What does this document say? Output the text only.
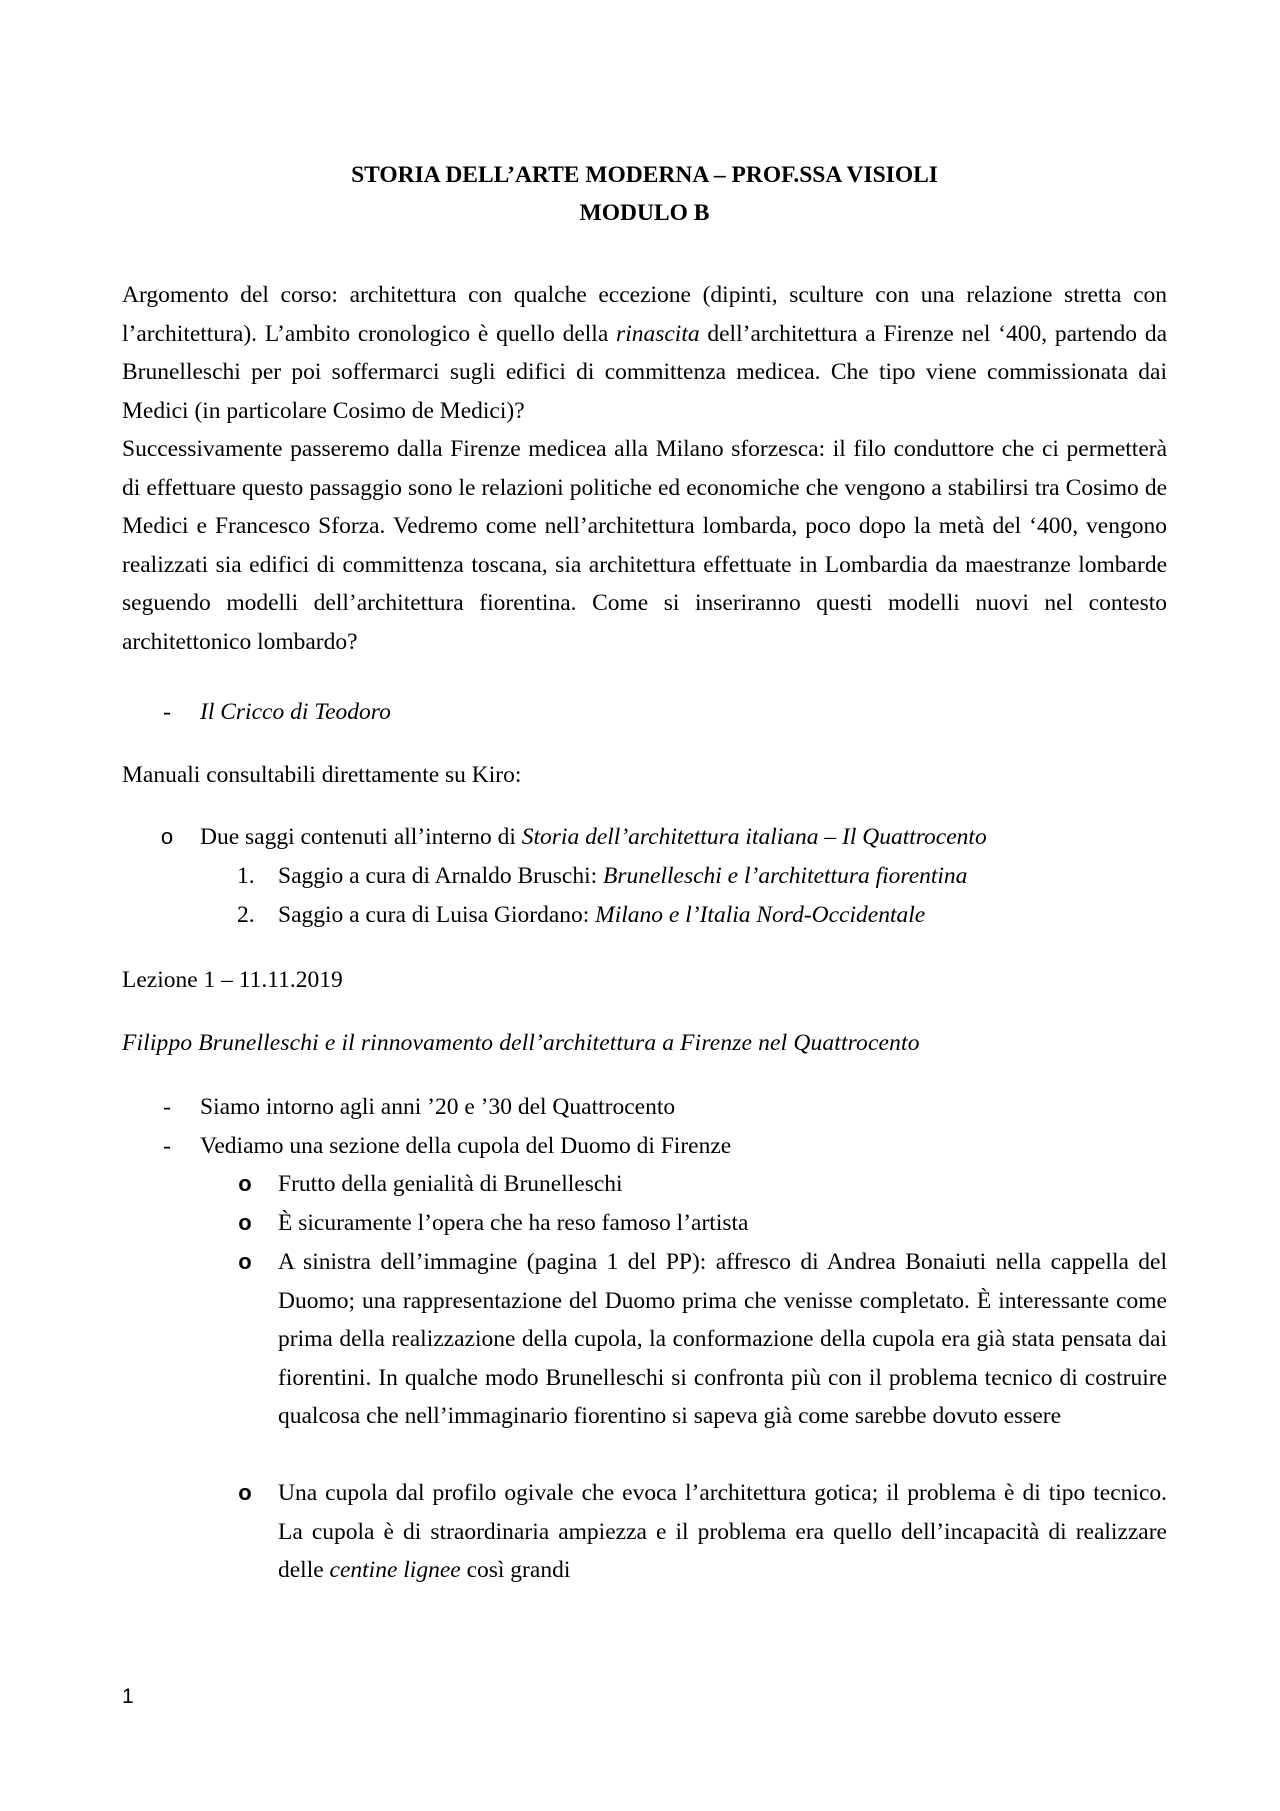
STORIA DELL’ARTE MODERNA – PROF.SSA VISIOLI
MODULO B
Argomento del corso: architettura con qualche eccezione (dipinti, sculture con una relazione stretta con l’architettura). L’ambito cronologico è quello della rinascita dell’architettura a Firenze nel ‘400, partendo da Brunelleschi per poi soffermarci sugli edifici di committenza medicea. Che tipo viene commissionata dai Medici (in particolare Cosimo de Medici)?
Successivamente passeremo dalla Firenze medicea alla Milano sforzesca: il filo conduttore che ci permetterà di effettuare questo passaggio sono le relazioni politiche ed economiche che vengono a stabilirsi tra Cosimo de Medici e Francesco Sforza. Vedremo come nell’architettura lombarda, poco dopo la metà del ‘400, vengono realizzati sia edifici di committenza toscana, sia architettura effettuate in Lombardia da maestranze lombarde seguendo modelli dell’architettura fiorentina. Come si inseriranno questi modelli nuovi nel contesto architettonico lombardo?
- Il Cricco di Teodoro
Manuali consultabili direttamente su Kiro:
o Due saggi contenuti all’interno di Storia dell’architettura italiana – Il Quattrocento
1. Saggio a cura di Arnaldo Bruschi: Brunelleschi e l’architettura fiorentina
2. Saggio a cura di Luisa Giordano: Milano e l’Italia Nord-Occidentale
Lezione 1 – 11.11.2019
Filippo Brunelleschi e il rinnovamento dell’architettura a Firenze nel Quattrocento
- Siamo intorno agli anni ’20 e ’30 del Quattrocento
- Vediamo una sezione della cupola del Duomo di Firenze
o Frutto della genialità di Brunelleschi
o È sicuramente l’opera che ha reso famoso l’artista
o A sinistra dell’immagine (pagina 1 del PP): affresco di Andrea Bonaiuti nella cappella del Duomo; una rappresentazione del Duomo prima che venisse completato. È interessante come prima della realizzazione della cupola, la conformazione della cupola era già stata pensata dai fiorentini. In qualche modo Brunelleschi si confronta più con il problema tecnico di costruire qualcosa che nell’immaginario fiorentino si sapeva già come sarebbe dovuto essere
o Una cupola dal profilo ogivale che evoca l’architettura gotica; il problema è di tipo tecnico. La cupola è di straordinaria ampiezza e il problema era quello dell’incapacità di realizzare delle centine lignee così grandi
1
